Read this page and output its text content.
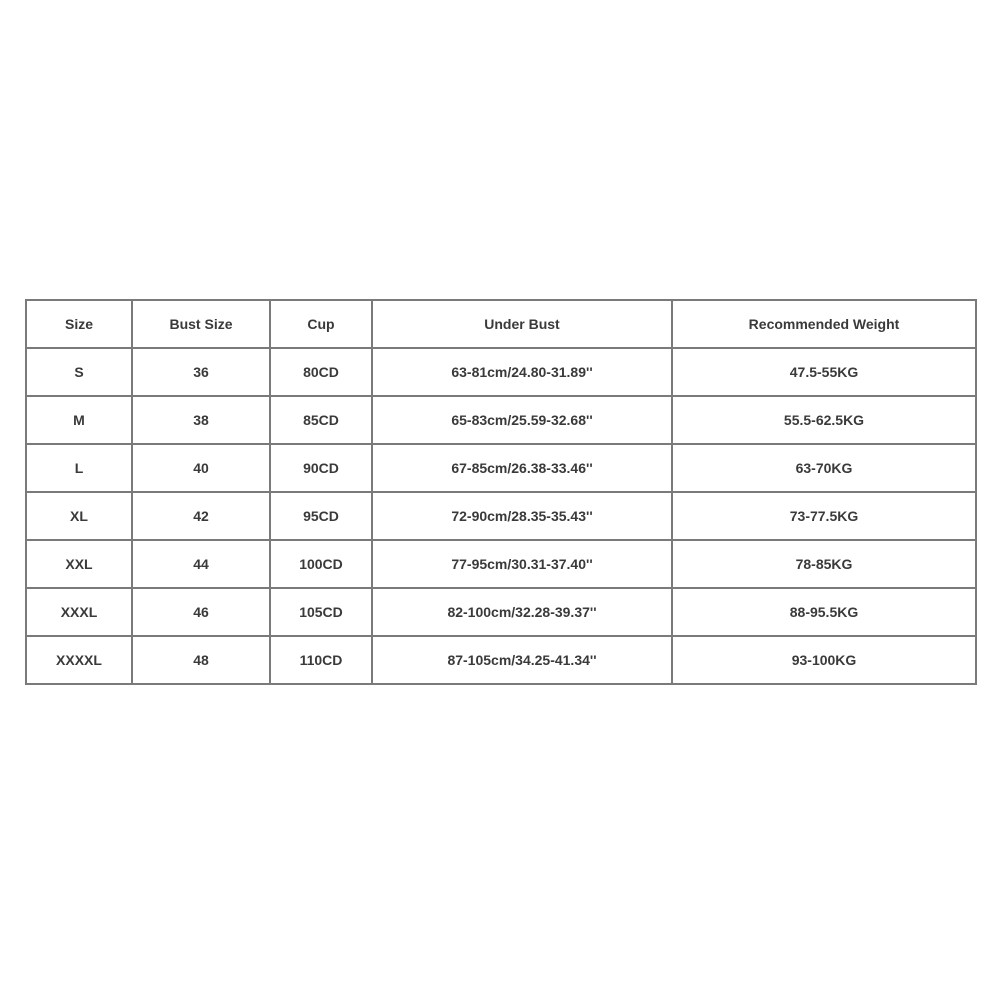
Size	Bust Size	Cup	Under Bust	Recommended Weight
S	36	80CD	63-81cm/24.80-31.89''	47.5-55KG
M	38	85CD	65-83cm/25.59-32.68''	55.5-62.5KG
L	40	90CD	67-85cm/26.38-33.46''	63-70KG
XL	42	95CD	72-90cm/28.35-35.43''	73-77.5KG
XXL	44	100CD	77-95cm/30.31-37.40''	78-85KG
XXXL	46	105CD	82-100cm/32.28-39.37''	88-95.5KG
XXXXL	48	110CD	87-105cm/34.25-41.34''	93-100KG
